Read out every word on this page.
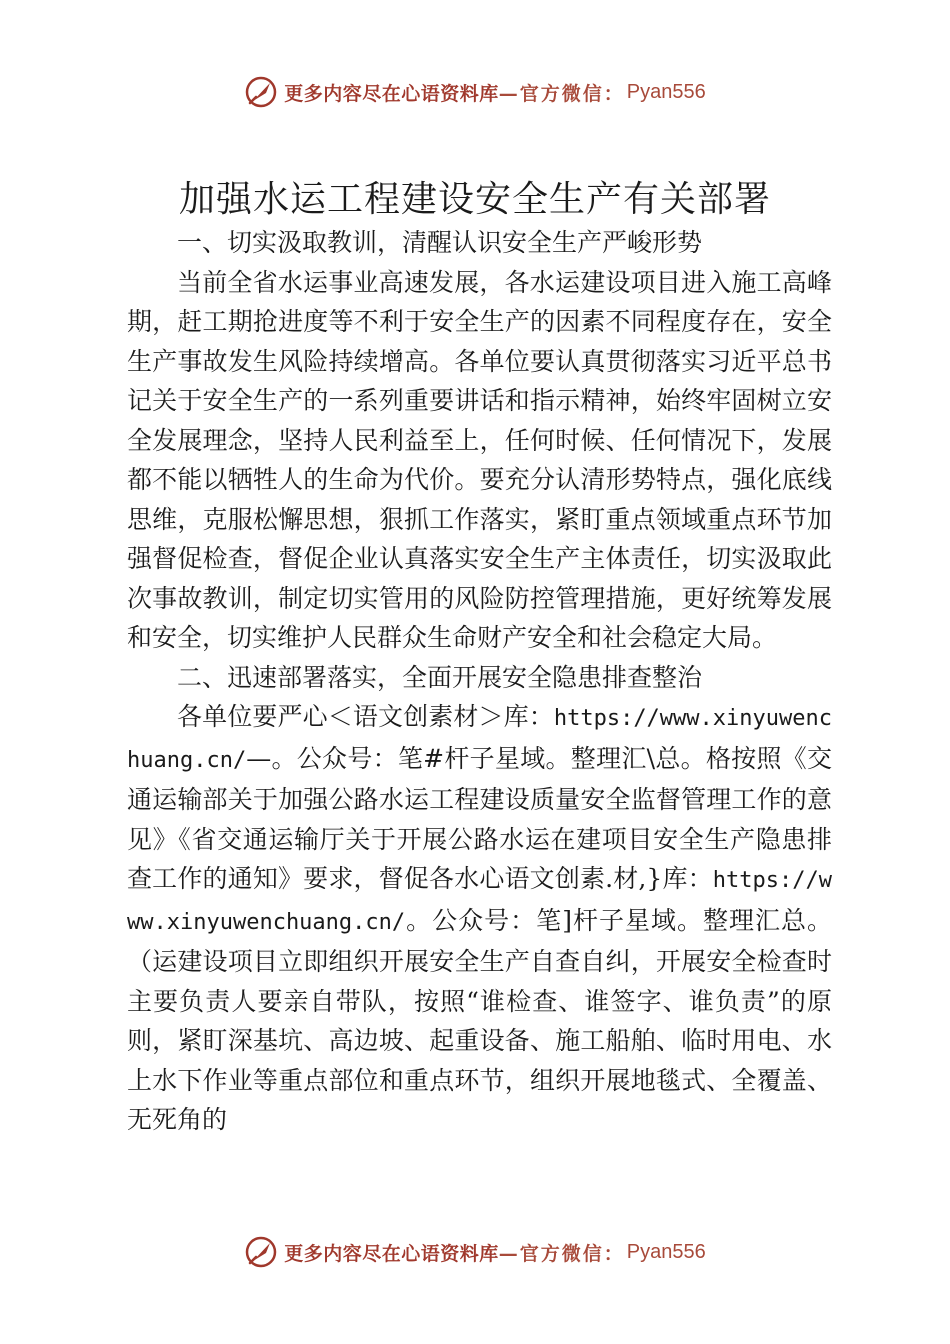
更多内容尽在心语资料库 —官方微信： Pyan556
加强水运工程建设安全生产有关部署

一、切实汲取教训，清醒认识安全生产严峻形势

当前全省水运事业高速发展，各水运建设项目进入施工高峰期，赶工期抢进度等不利于安全生产的因素不同程度存在，安全生产事故发生风险持续增高。各单位要认真贯彻落实习近平总书记关于安全生产的一系列重要讲话和指示精神，始终牢固树立安全发展理念，坚持人民利益至上，任何时候、任何情况下，发展都不能以牺牲人的生命为代价。要充分认清形势特点，强化底线思维，克服松懈思想，狠抓工作落实，紧盯重点领域重点环节加强督促检查，督促企业认真落实安全生产主体责任，切实汲取此次事故教训，制定切实管用的风险防控管理措施，更好统筹发展和安全，切实维护人民群众生命财产安全和社会稳定大局。

二、迅速部署落实，全面开展安全隐患排查整治

各单位要严心＜语文创素材＞库：https://www.xinyuwenchuang.cn/—。公众号：笔#杆子星域。整理汇\总。格按照《交通运输部关于加强公路水运工程建设质量安全监督管理工作的意见》《省交通运输厅关于开展公路水运在建项目安全生产隐患排查工作的通知》要求，督促各水心语文创素.材,}库：https://www.xinyuwenchuang.cn/。公众号：笔]杆子星域。整理汇总。（运建设项目立即组织开展安全生产自查自纠，开展安全检查时主要负责人要亲自带队，按照“谁检查、谁签字、谁负责”的原则，紧盯深基坑、高边坡、起重设备、施工船舶、临时用电、水上水下作业等重点部位和重点环节，组织开展地毯式、全覆盖、无死角的

更多内容尽在心语资料库 —官方微信： Pyan556
